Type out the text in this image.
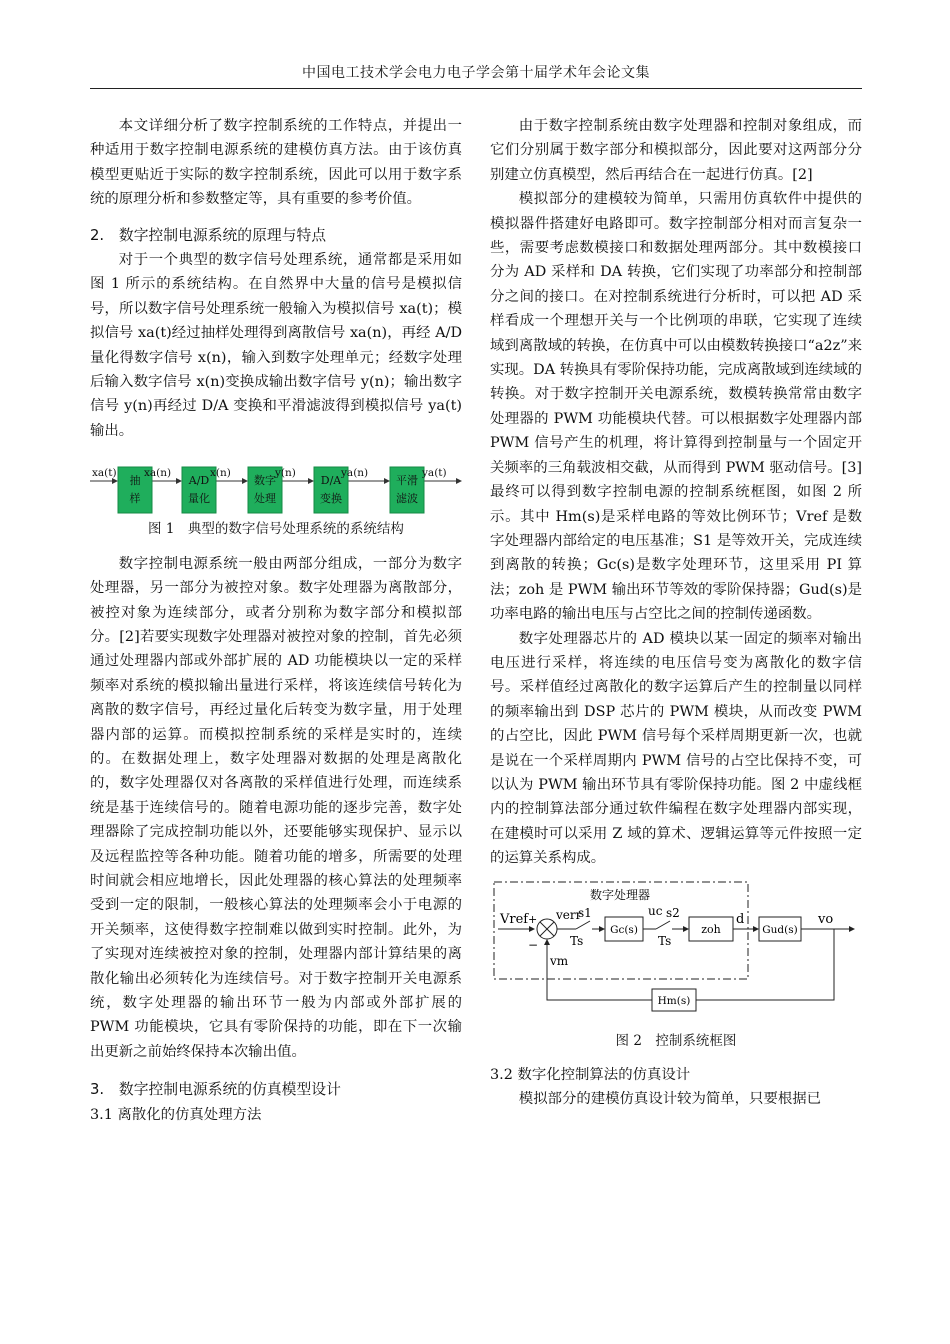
中国电工技术学会电力电子学会第十届学术年会论文集

本文详细分析了数字控制系统的工作特点，并提出一种适用于数字控制电源系统的建模仿真方法。由于该仿真模型更贴近于实际的数字控制系统，因此可以用于数字系统的原理分析和参数整定等，具有重要的参考价值。

2.　数字控制电源系统的原理与特点

对于一个典型的数字信号处理系统，通常都是采用如图 1 所示的系统结构。在自然界中大量的信号是模拟信号，所以数字信号处理系统一般输入为模拟信号 xa(t)；模拟信号 xa(t)经过抽样处理得到离散信号 xa(n)，再经 A/D 量化得数字信号 x(n)，输入到数字处理单元；经数字处理后输入数字信号 x(n)变换成输出数字信号 y(n)；输出数字信号 y(n)再经过 D/A 变换和平滑滤波得到模拟信号 ya(t)输出。

抽
样
A/D
量化
数字
处理
D/A
变换
平滑
滤波
xa(t)	xa(n)	x(n)	y(n)	ya(n)	ya(t)

图 1　典型的数字信号处理系统的系统结构

数字控制电源系统一般由两部分组成，一部分为数字处理器，另一部分为被控对象。数字处理器为离散部分，被控对象为连续部分，或者分别称为数字部分和模拟部分。[2]若要实现数字处理器对被控对象的控制，首先必须通过处理器内部或外部扩展的 AD 功能模块以一定的采样频率对系统的模拟输出量进行采样，将该连续信号转化为离散的数字信号，再经过量化后转变为数字量，用于处理器内部的运算。而模拟控制系统的采样是实时的，连续的。在数据处理上，数字处理器对数据的处理是离散化的，数字处理器仅对各离散的采样值进行处理，而连续系统是基于连续信号的。随着电源功能的逐步完善，数字处理器除了完成控制功能以外，还要能够实现保护、显示以及远程监控等各种功能。随着功能的增多，所需要的处理时间就会相应地增长，因此处理器的核心算法的处理频率受到一定的限制，一般核心算法的处理频率会小于电源的开关频率，这使得数字控制难以做到实时控制。此外，为了实现对连续被控对象的控制，处理器内部计算结果的离散化输出必须转化为连续信号。对于数字控制开关电源系统，数字处理器的输出环节一般为内部或外部扩展的 PWM 功能模块，它具有零阶保持的功能，即在下一次输出更新之前始终保持本次输出值。

3.　数字控制电源系统的仿真模型设计
3.1 离散化的仿真处理方法

由于数字控制系统由数字处理器和控制对象组成，而它们分别属于数字部分和模拟部分，因此要对这两部分分别建立仿真模型，然后再结合在一起进行仿真。[2]

模拟部分的建模较为简单，只需用仿真软件中提供的模拟器件搭建好电路即可。数字控制部分相对而言复杂一些，需要考虑数模接口和数据处理两部分。其中数模接口分为 AD 采样和 DA 转换，它们实现了功率部分和控制部分之间的接口。在对控制系统进行分析时，可以把 AD 采样看成一个理想开关与一个比例项的串联，它实现了连续域到离散域的转换，在仿真中可以由模数转换接口“a2z”来实现。DA 转换具有零阶保持功能，完成离散域到连续域的转换。对于数字控制开关电源系统，数模转换常常由数字处理器的 PWM 功能模块代替。可以根据数字处理器内部 PWM 信号产生的机理，将计算得到控制量与一个固定开关频率的三角载波相交截，从而得到 PWM 驱动信号。[3]最终可以得到数字控制电源的控制系统框图，如图 2 所示。其中 Hm(s)是采样电路的等效比例环节；Vref 是数字处理器内部给定的电压基准；S1 是等效开关，完成连续到离散的转换；Gc(s)是数字处理环节，这里采用 PI 算法；zoh 是 PWM 输出环节等效的零阶保持器；Gud(s)是功率电路的输出电压与占空比之间的控制传递函数。

数字处理器芯片的 AD 模块以某一固定的频率对输出电压进行采样，将连续的电压信号变为离散化的数字信号。采样值经过离散化的数字运算后产生的控制量以同样的频率输出到 DSP 芯片的 PWM 模块，从而改变 PWM 的占空比，因此 PWM 信号每个采样周期更新一次，也就是说在一个采样周期内 PWM 信号的占空比保持不变，可以认为 PWM 输出环节具有零阶保持功能。图 2 中虚线框内的控制算法部分通过软件编程在数字处理器内部实现，在建模时可以采用 Z 域的算术、逻辑运算等元件按照一定的运算关系构成。

数字处理器
Vref +
−
verr
s1
Ts
Gc(s)
uc s2
Ts
zoh
d
Gud(s)
vo
Hm(s)
vm

图 2　控制系统框图

3.2 数字化控制算法的仿真设计

模拟部分的建模仿真设计较为简单，只要根据已
